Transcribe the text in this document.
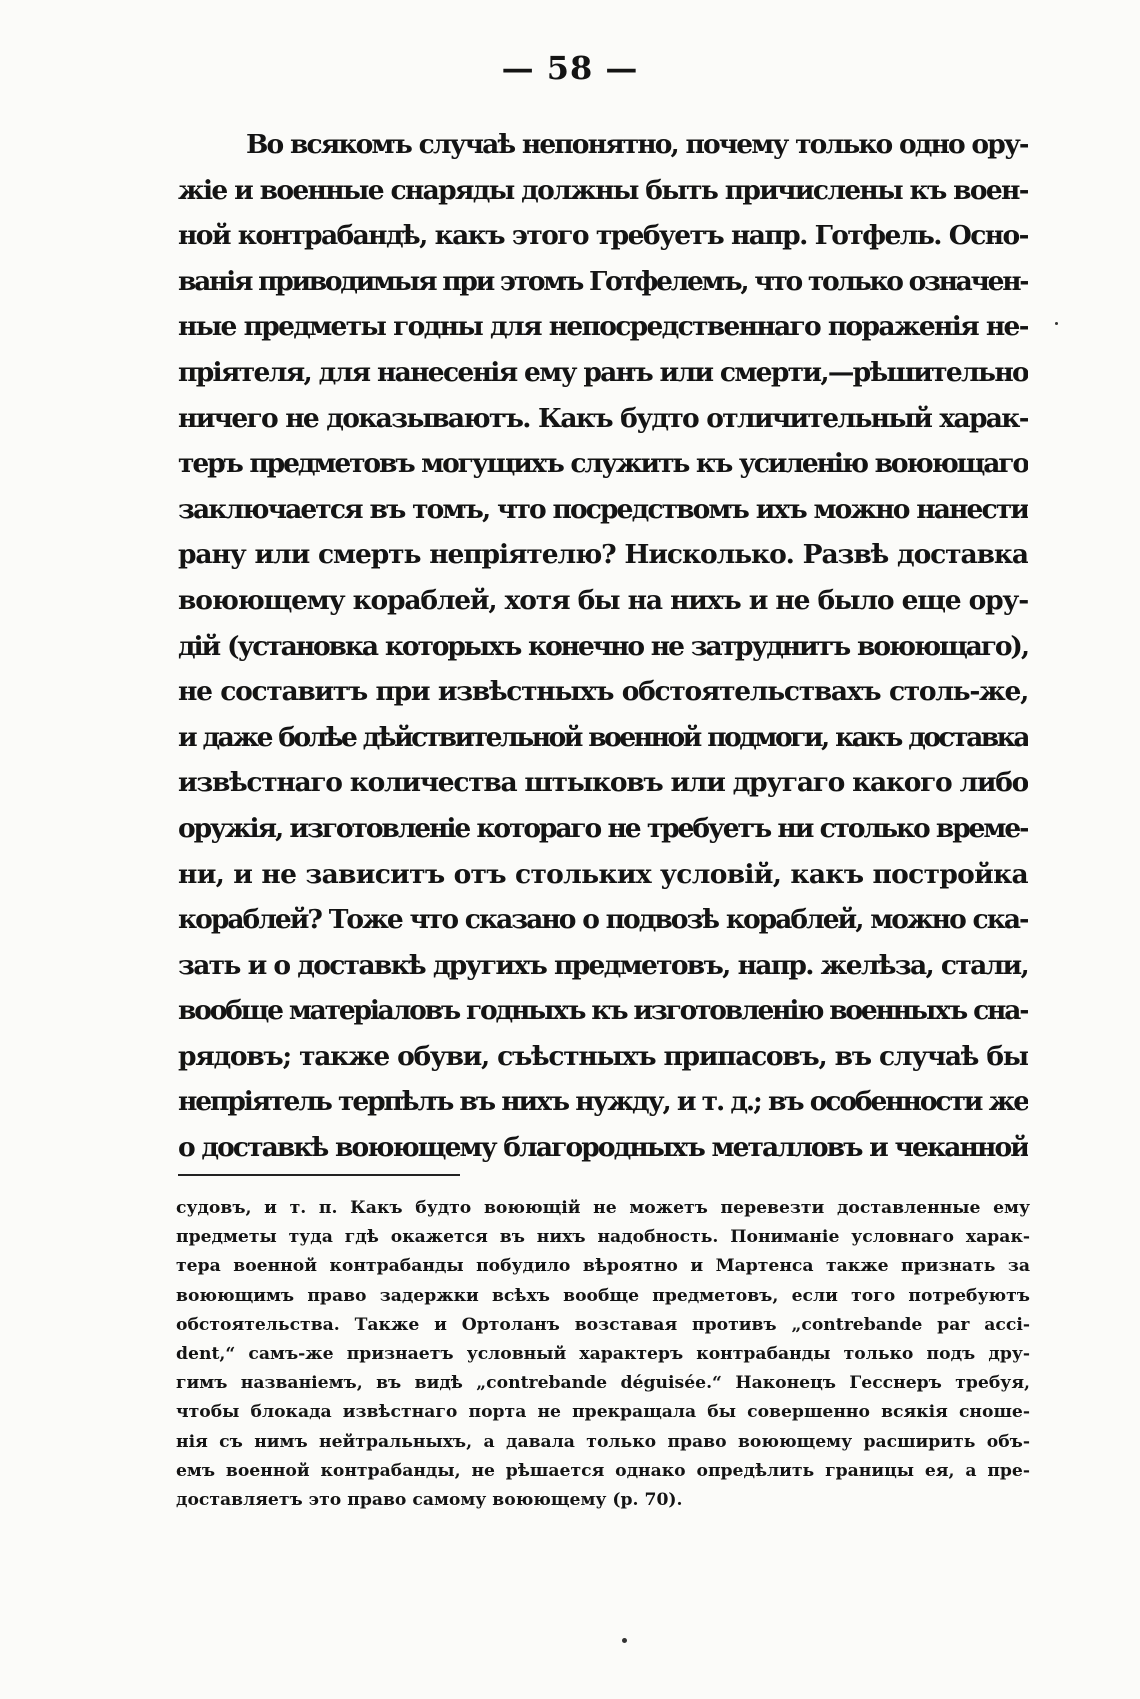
— 58 —
Во всякомъ случаѣ непонятно, почему только одно ору-
жіе и военные снаряды должны быть причислены къ воен-
ной контрабандѣ, какъ этого требуетъ напр. Готфель. Осно-
ванія приводимыя при этомъ Готфелемъ, что только означен-
ные предметы годны для непосредственнаго пораженія не-
пріятеля, для нанесенія ему ранъ или смерти,—рѣшительно
ничего не доказываютъ. Какъ будто отличительный харак-
теръ предметовъ могущихъ служить къ усиленію воюющаго
заключается въ томъ, что посредствомъ ихъ можно нанести
рану или смерть непріятелю? Нисколько. Развѣ доставка
воюющему кораблей, хотя бы на нихъ и не было еще ору-
дій (установка которыхъ конечно не затруднитъ воюющаго),
не составитъ при извѣстныхъ обстоятельствахъ столь-же,
и даже болѣе дѣйствительной военной подмоги, какъ доставка
извѣстнаго количества штыковъ или другаго какого либо
оружія, изготовленіе котораго не требуетъ ни столько време-
ни, и не зависитъ отъ стольких условій, какъ постройка
кораблей? Тоже что сказано о подвозѣ кораблей, можно ска-
зать и о доставкѣ другихъ предметовъ, напр. желѣза, стали,
вообще матеріаловъ годныхъ къ изготовленію военныхъ сна-
рядовъ; также обуви, съѣстныхъ припасовъ, въ случаѣ бы
непріятель терпѣлъ въ нихъ нужду, и т. д.; въ особенности же
о доставкѣ воюющему благородныхъ металловъ и чеканной
судовъ, и т. п. Какъ будто воюющій не можетъ перевезти доставленные ему
предметы туда гдѣ окажется въ нихъ надобность. Пониманіе условнаго харак-
тера военной контрабанды побудило вѣроятно и Мартенса также признать за
воюющимъ право задержки всѣхъ вообще предметовъ, если того потребуютъ
обстоятельства. Также и Ортоланъ возставая противъ „contrebande par acci-
dent,“ самъ-же признаетъ условный характеръ контрабанды только подъ дру-
гимъ названіемъ, въ видѣ „contrebande déguisée.“ Наконецъ Гесснеръ требуя,
чтобы блокада извѣстнаго порта не прекращала бы совершенно всякія сноше-
нія съ нимъ нейтральныхъ, а давала только право воюющему расширить объ-
емъ военной контрабанды, не рѣшается однако опредѣлить границы ея, а пре-
доставляетъ это право самому воюющему (p. 70).
